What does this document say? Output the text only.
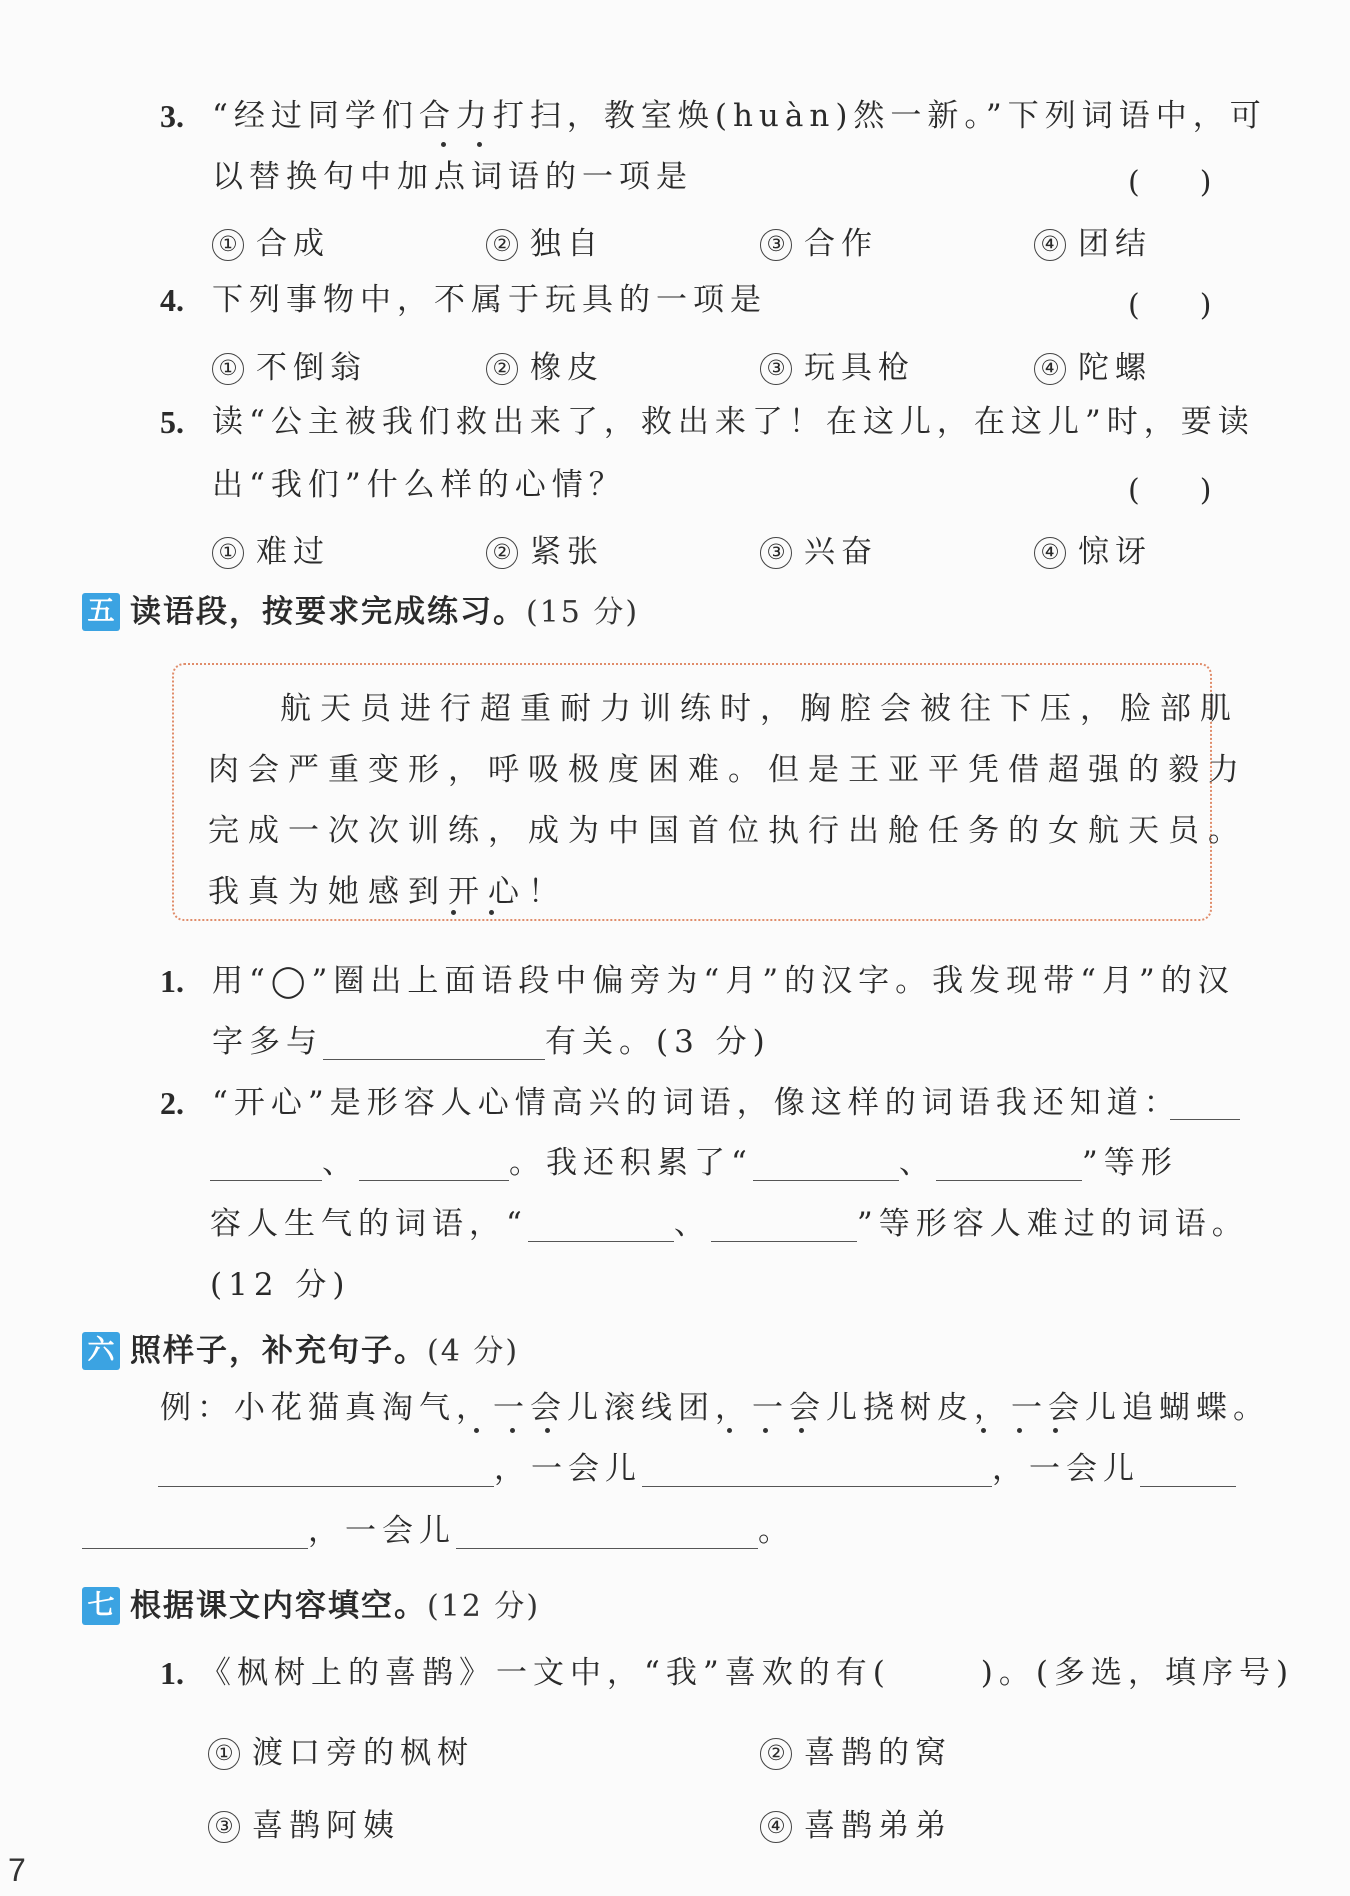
3. “经过同学们合力打扫，教室焕(huàn)然一新。”下列词语中，可
以替换句中加点词语的一项是	(　　)
① 合成	② 独自	③ 合作	④ 团结
4. 下列事物中，不属于玩具的一项是	(　　)
① 不倒翁	② 橡皮	③ 玩具枪	④ 陀螺
5. 读“公主被我们救出来了，救出来了！在这儿，在这儿”时，要读
出“我们”什么样的心情？	(　　)
① 难过	② 紧张	③ 兴奋	④ 惊讶
五 读语段，按要求完成练习。(15 分)
航天员进行超重耐力训练时，胸腔会被往下压，脸部肌
肉会严重变形，呼吸极度困难。但是王亚平凭借超强的毅力
完成一次次训练，成为中国首位执行出舱任务的女航天员。
我真为她感到开心！
1. 用“◯”圈出上面语段中偏旁为“月”的汉字。我发现带“月”的汉
字多与	有关。(3 分)
2. “开心”是形容人心情高兴的词语，像这样的词语我还知道：
、	。我还积累了“	、	”等形
容人生气的词语，“	、	”等形容人难过的词语。
(12 分)
六 照样子，补充句子。(4 分)
例：小花猫真淘气，一会儿滚线团，一会儿挠树皮，一会儿追蝴蝶。
，一会儿	，一会儿
，一会儿	。
七 根据课文内容填空。(12 分)
1. 《枫树上的喜鹊》一文中，“我”喜欢的有(	)。(多选，填序号)
① 渡口旁的枫树	② 喜鹊的窝
③ 喜鹊阿姨	④ 喜鹊弟弟
7
